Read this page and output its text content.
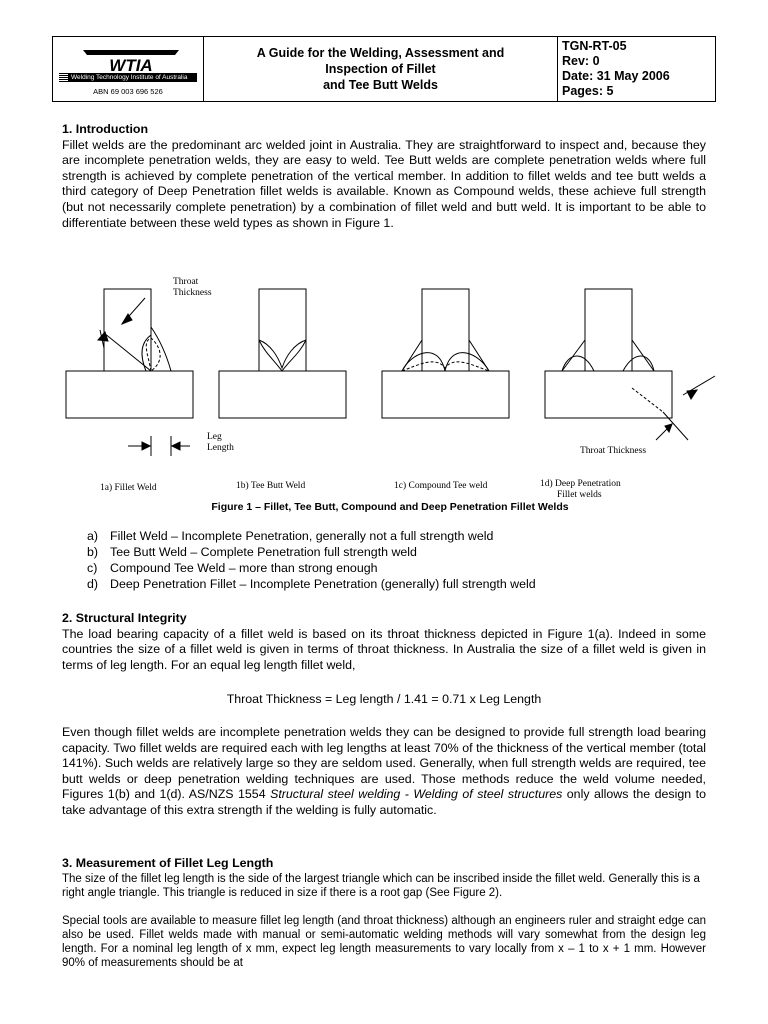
WTIA
Welding Technology Institute of Australia
ABN 69 003 696 526
A Guide for the Welding, Assessment and
Inspection of Fillet
and Tee Butt Welds
TGN-RT-05
Rev: 0
Date: 31 May 2006
Pages: 5
1. Introduction

Fillet welds are the predominant arc welded joint in Australia. They are straightforward to inspect and, because they are incomplete penetration welds, they are easy to weld. Tee Butt welds are complete penetration welds where full strength is achieved by complete penetration of the vertical member. In addition to fillet welds and tee butt welds a third category of Deep Penetration fillet welds is available. Known as Compound welds, these achieve full strength (but not necessarily complete penetration) by a combination of fillet weld and butt weld. It is important to be able to differentiate between these weld types as shown in Figure 1.

Throat
Thickness
Leg
Length	Throat Thickness
1a) Fillet Weld	1b) Tee Butt Weld	1c) Compound Tee weld	1d) Deep Penetration
Fillet welds
Figure 1 – Fillet, Tee Butt, Compound and Deep Penetration Fillet Welds
a) Fillet Weld – Incomplete Penetration, generally not a full strength weld
b) Tee Butt Weld – Complete Penetration full strength weld
c)	Compound Tee Weld – more than strong enough
d) Deep Penetration Fillet – Incomplete Penetration (generally) full strength weld
2. Structural Integrity

The load bearing capacity of a fillet weld is based on its throat thickness depicted in Figure 1(a). Indeed in some countries the size of a fillet weld is given in terms of throat thickness. In Australia the size of a fillet weld is given in terms of leg length. For an equal leg length fillet weld,

Throat Thickness = Leg length / 1.41 = 0.71 x Leg Length

Even though fillet welds are incomplete penetration welds they can be designed to provide full strength load bearing capacity. Two fillet welds are required each with leg lengths at least 70% of the thickness of the vertical member (total 141%). Such welds are relatively large so they are seldom used. Generally, when full strength welds are required, tee butt welds or deep penetration welding techniques are used. Those methods reduce the weld volume needed, Figures 1(b) and 1(d). AS/NZS 1554 Structural steel welding - Welding of steel structures only allows the design to take advantage of this extra strength if the welding is fully automatic.

3. Measurement of Fillet Leg Length

The size of the fillet leg length is the side of the largest triangle which can be inscribed inside the fillet weld. Generally this is a right angle triangle. This triangle is reduced in size if there is a root gap (See Figure 2).

Special tools are available to measure fillet leg length (and throat thickness) although an engineers ruler and straight edge can also be used. Fillet welds made with manual or semi-automatic welding methods will vary somewhat from the design leg length. For a nominal leg length of x mm, expect leg length measurements to vary locally from x – 1 to x + 1 mm. However 90% of measurements should be at
